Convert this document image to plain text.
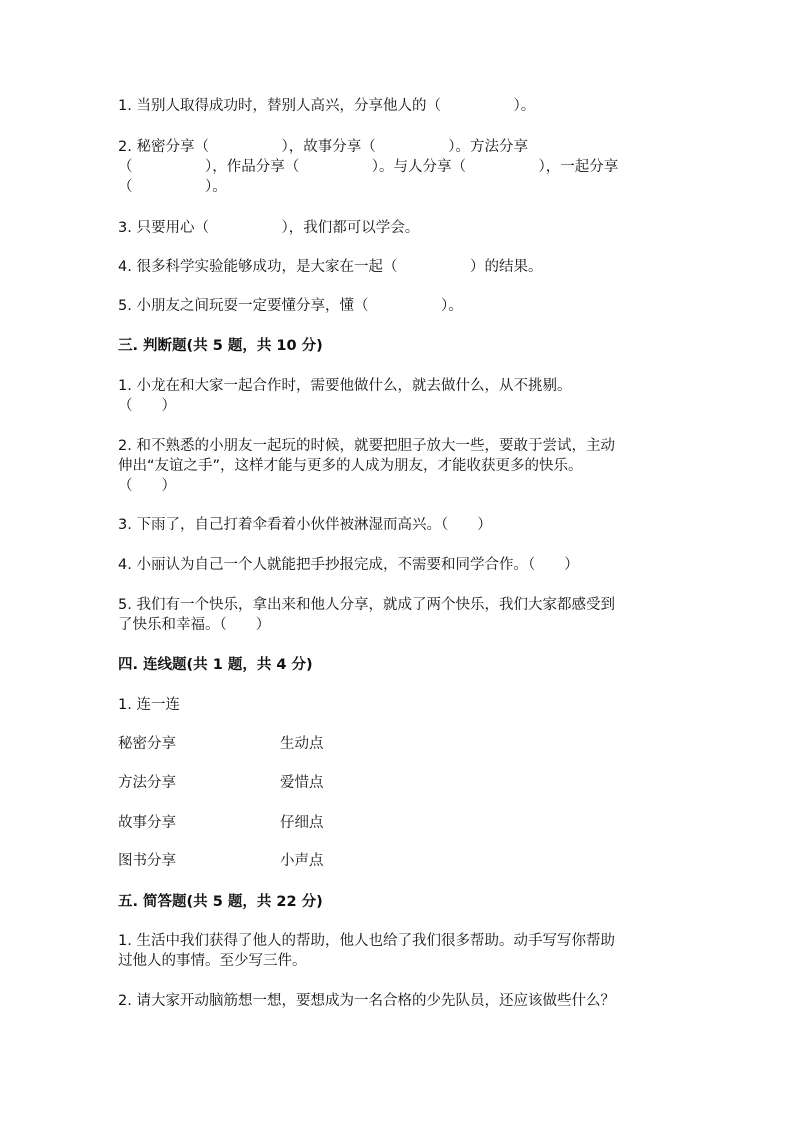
1. 当别人取得成功时，替别人高兴，分享他人的（　　　　　）。
2. 秘密分享（　　　　　），故事分享（　　　　　）。方法分享
（　　　　　），作品分享（　　　　　）。与人分享（　　　　　），一起分享
（　　　　　）。
3. 只要用心（　　　　　），我们都可以学会。
4. 很多科学实验能够成功，是大家在一起（　　　　　）的结果。
5. 小朋友之间玩耍一定要懂分享，懂（　　　　　）。
三. 判断题(共 5 题，共 10 分)
1. 小龙在和大家一起合作时，需要他做什么，就去做什么，从不挑剔。
（　　）
2. 和不熟悉的小朋友一起玩的时候，就要把胆子放大一些，要敢于尝试，主动
伸出“友谊之手”，这样才能与更多的人成为朋友，才能收获更多的快乐。
（　　）
3. 下雨了，自己打着伞看着小伙伴被淋湿而高兴。（　　）
4. 小丽认为自己一个人就能把手抄报完成，不需要和同学合作。（　　）
5. 我们有一个快乐，拿出来和他人分享，就成了两个快乐，我们大家都感受到
了快乐和幸福。（　　）
四. 连线题(共 1 题，共 4 分)
1. 连一连
秘密分享	生动点
方法分享	爱惜点
故事分享	仔细点
图书分享	小声点
五. 简答题(共 5 题，共 22 分)
1. 生活中我们获得了他人的帮助，他人也给了我们很多帮助。动手写写你帮助
过他人的事情。至少写三件。
2. 请大家开动脑筋想一想，要想成为一名合格的少先队员，还应该做些什么？
